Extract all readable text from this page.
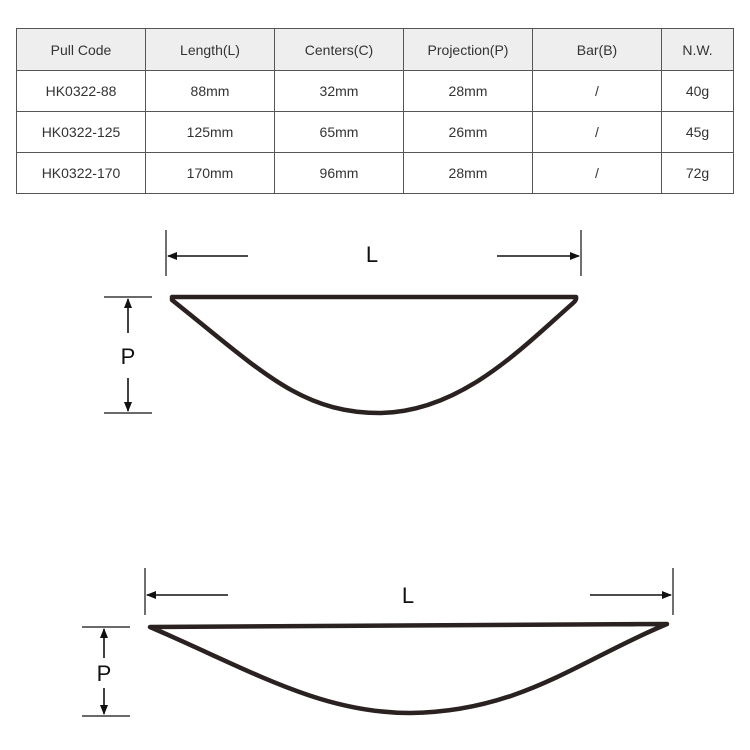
Pull Code	Length(L)	Centers(C)	Projection(P)	Bar(B)	N.W.
HK0322-88	88mm	32mm	28mm	/	40g
HK0322-125	125mm	65mm	26mm	/	45g
HK0322-170	170mm	96mm	28mm	/	72g
L
P
L
P
